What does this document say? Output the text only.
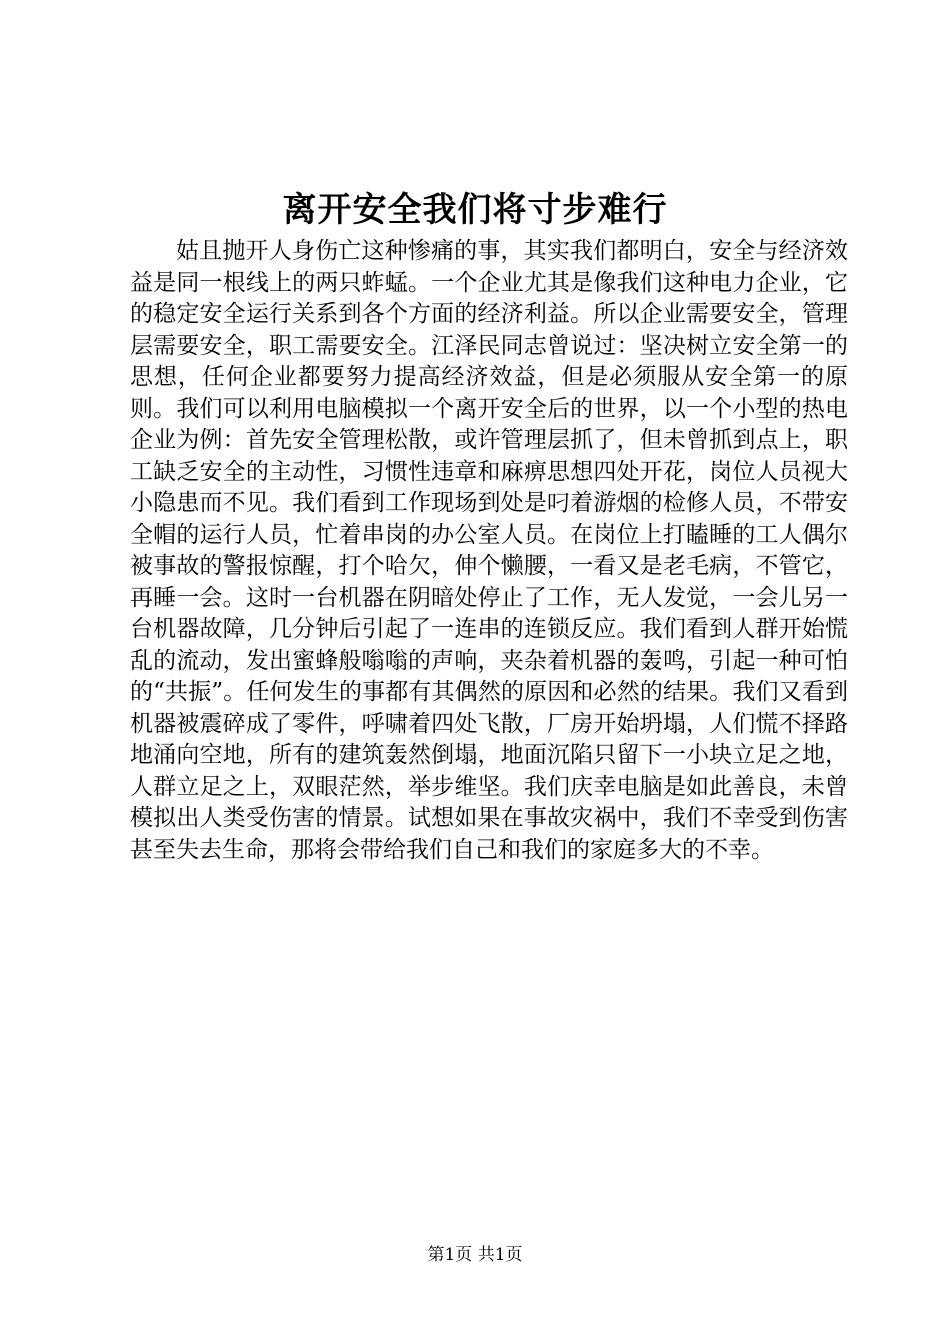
离开安全我们将寸步难行

姑且抛开人身伤亡这种惨痛的事，其实我们都明白，安全与经济效益是同一根线上的两只蚱蜢。一个企业尤其是像我们这种电力企业，它的稳定安全运行关系到各个方面的经济利益。所以企业需要安全，管理层需要安全，职工需要安全。江泽民同志曾说过：坚决树立安全第一的思想，任何企业都要努力提高经济效益，但是必须服从安全第一的原则。我们可以利用电脑模拟一个离开安全后的世界，以一个小型的热电企业为例：首先安全管理松散，或许管理层抓了，但未曾抓到点上，职工缺乏安全的主动性，习惯性违章和麻痹思想四处开花，岗位人员视大小隐患而不见。我们看到工作现场到处是叼着游烟的检修人员，不带安全帽的运行人员，忙着串岗的办公室人员。在岗位上打瞌睡的工人偶尔被事故的警报惊醒，打个哈欠，伸个懒腰，一看又是老毛病，不管它，再睡一会。这时一台机器在阴暗处停止了工作，无人发觉，一会儿另一台机器故障，几分钟后引起了一连串的连锁反应。我们看到人群开始慌乱的流动，发出蜜蜂般嗡嗡的声响，夹杂着机器的轰鸣，引起一种可怕的“共振”。任何发生的事都有其偶然的原因和必然的结果。我们又看到机器被震碎成了零件，呼啸着四处飞散，厂房开始坍塌，人们慌不择路地涌向空地，所有的建筑轰然倒塌，地面沉陷只留下一小块立足之地，人群立足之上，双眼茫然，举步维坚。我们庆幸电脑是如此善良，未曾模拟出人类受伤害的情景。试想如果在事故灾祸中，我们不幸受到伤害甚至失去生命，那将会带给我们自己和我们的家庭多大的不幸。

第1页 共1页
